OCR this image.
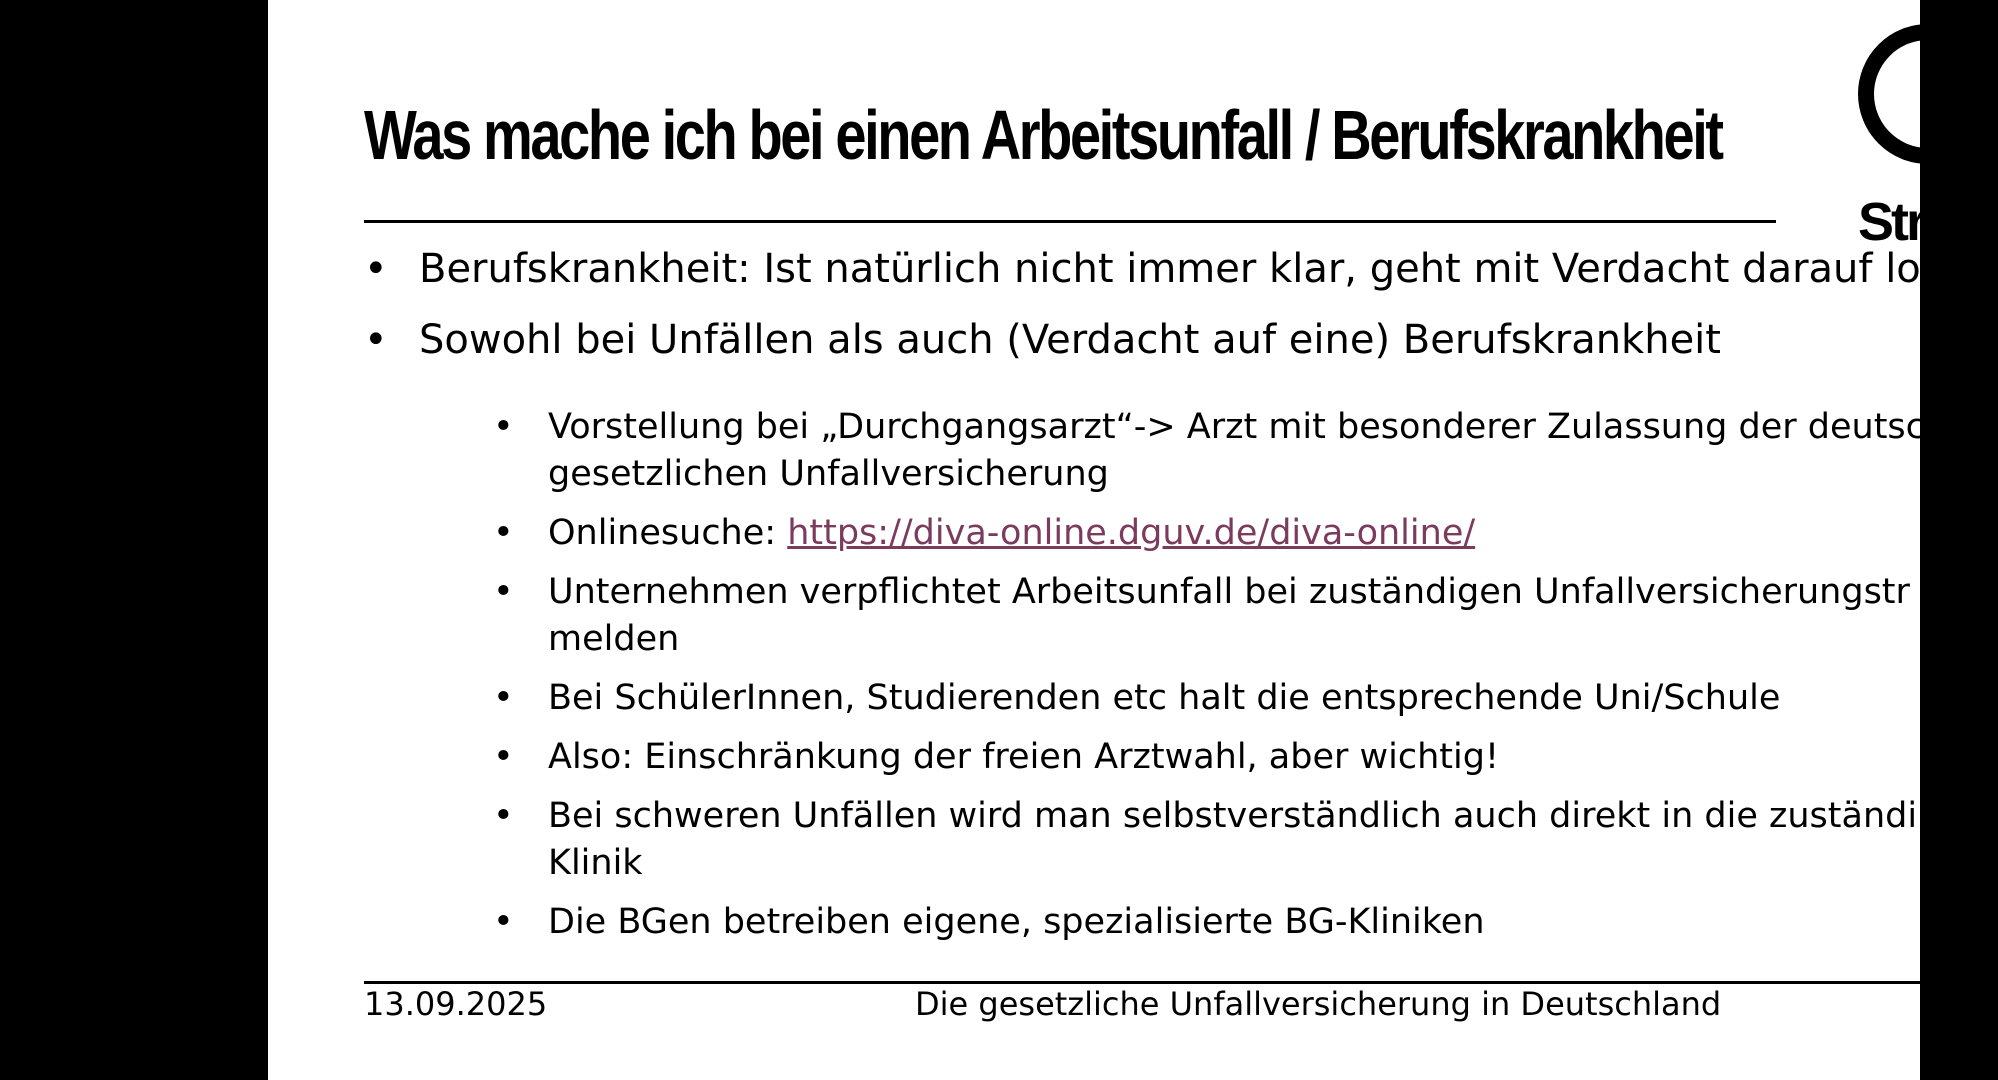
Was mache ich bei einen Arbeitsunfall / Berufskrankheit
Stra
• Berufskrankheit: Ist natürlich nicht immer klar, geht mit Verdacht darauf los
• Sowohl bei Unfällen als auch (Verdacht auf eine) Berufskrankheit
• Vorstellung bei „Durchgangsarzt“-> Arzt mit besonderer Zulassung der deutsch
gesetzlichen Unfallversicherung
• Onlinesuche: https://diva-online.dguv.de/diva-online/
• Unternehmen verpflichtet Arbeitsunfall bei zuständigen Unfallversicherungstr
melden
• Bei SchülerInnen, Studierenden etc halt die entsprechende Uni/Schule
• Also: Einschränkung der freien Arztwahl, aber wichtig!
• Bei schweren Unfällen wird man selbstverständlich auch direkt in die zuständi
Klinik
• Die BGen betreiben eigene, spezialisierte BG-Kliniken
13.09.2025	Die gesetzliche Unfallversicherung in Deutschland
